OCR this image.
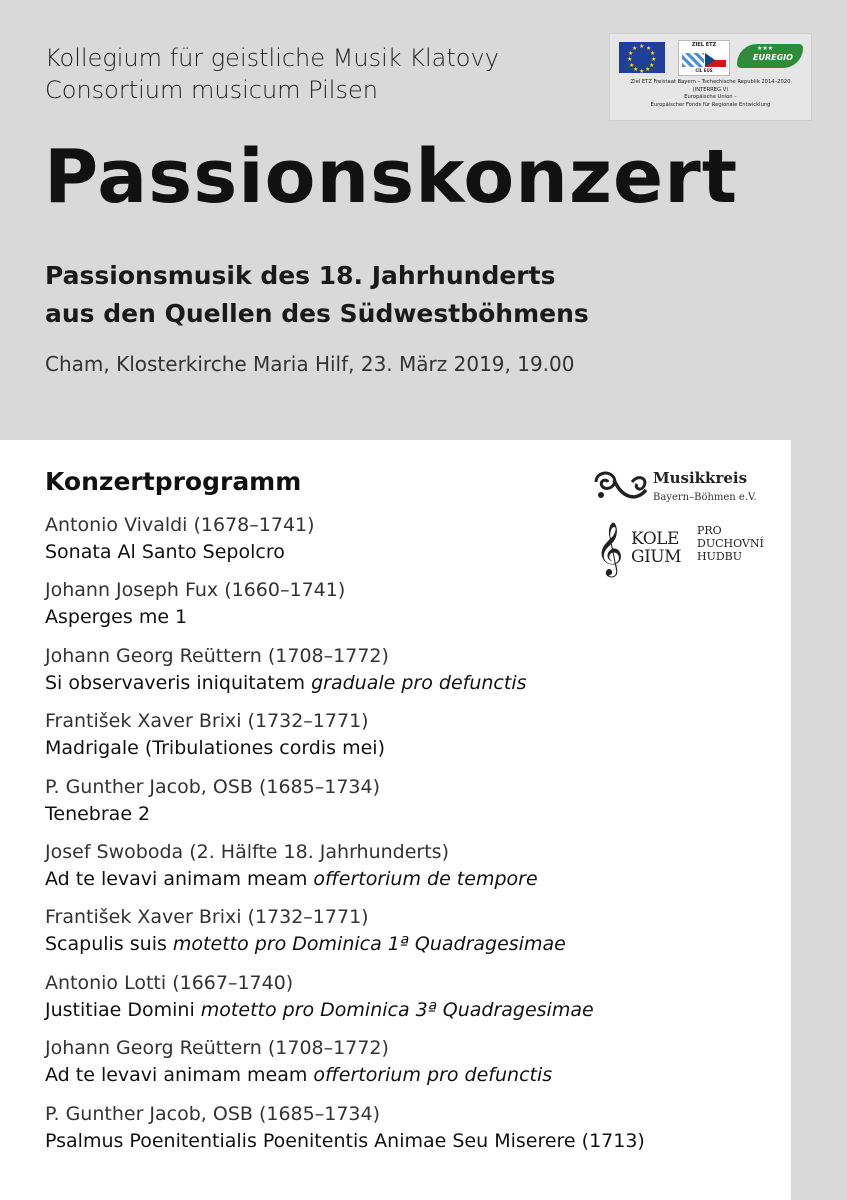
Kollegium für geistliche Musik Klatovy
Consortium musicum Pilsen
★ ★
★
★
★
★
★
★
★
★
★
★	ZIEL ETZ
CÍL EÚS
★★★
EUREGIO
Ziel ETZ Freistaat Bayern – Tschechische Republik 2014–2020
(INTERREG V)
Europäische Union –
Europäischer Fonds für Regionale Entwicklung
Passionskonzert
Passionsmusik des 18. Jahrhunderts
aus den Quellen des Südwestböhmens
Cham, Klosterkirche Maria Hilf, 23. März 2019, 19.00
Konzertprogramm	Musikkreis
Bayern–Böhmen e.V.
𝄞 KOLE
GIUM
PRO
DUCHOVNÍ
HUDBU
Antonio Vivaldi (1678–1741)
Sonata Al Santo Sepolcro
Johann Joseph Fux (1660–1741)
Asperges me 1
Johann Georg Reüttern (1708–1772)
Si observaveris iniquitatem graduale pro defunctis
František Xaver Brixi (1732–1771)
Madrigale (Tribulationes cordis mei)
P. Gunther Jacob, OSB (1685–1734)
Tenebrae 2
Josef Swoboda (2. Hälfte 18. Jahrhunderts)
Ad te levavi animam meam offertorium de tempore
František Xaver Brixi (1732–1771)
Scapulis suis motetto pro Dominica 1ª Quadragesimae
Antonio Lotti (1667–1740)
Justitiae Domini motetto pro Dominica 3ª Quadragesimae
Johann Georg Reüttern (1708–1772)
Ad te levavi animam meam offertorium pro defunctis
P. Gunther Jacob, OSB (1685–1734)
Psalmus Poenitentialis Poenitentis Animae Seu Miserere (1713)
